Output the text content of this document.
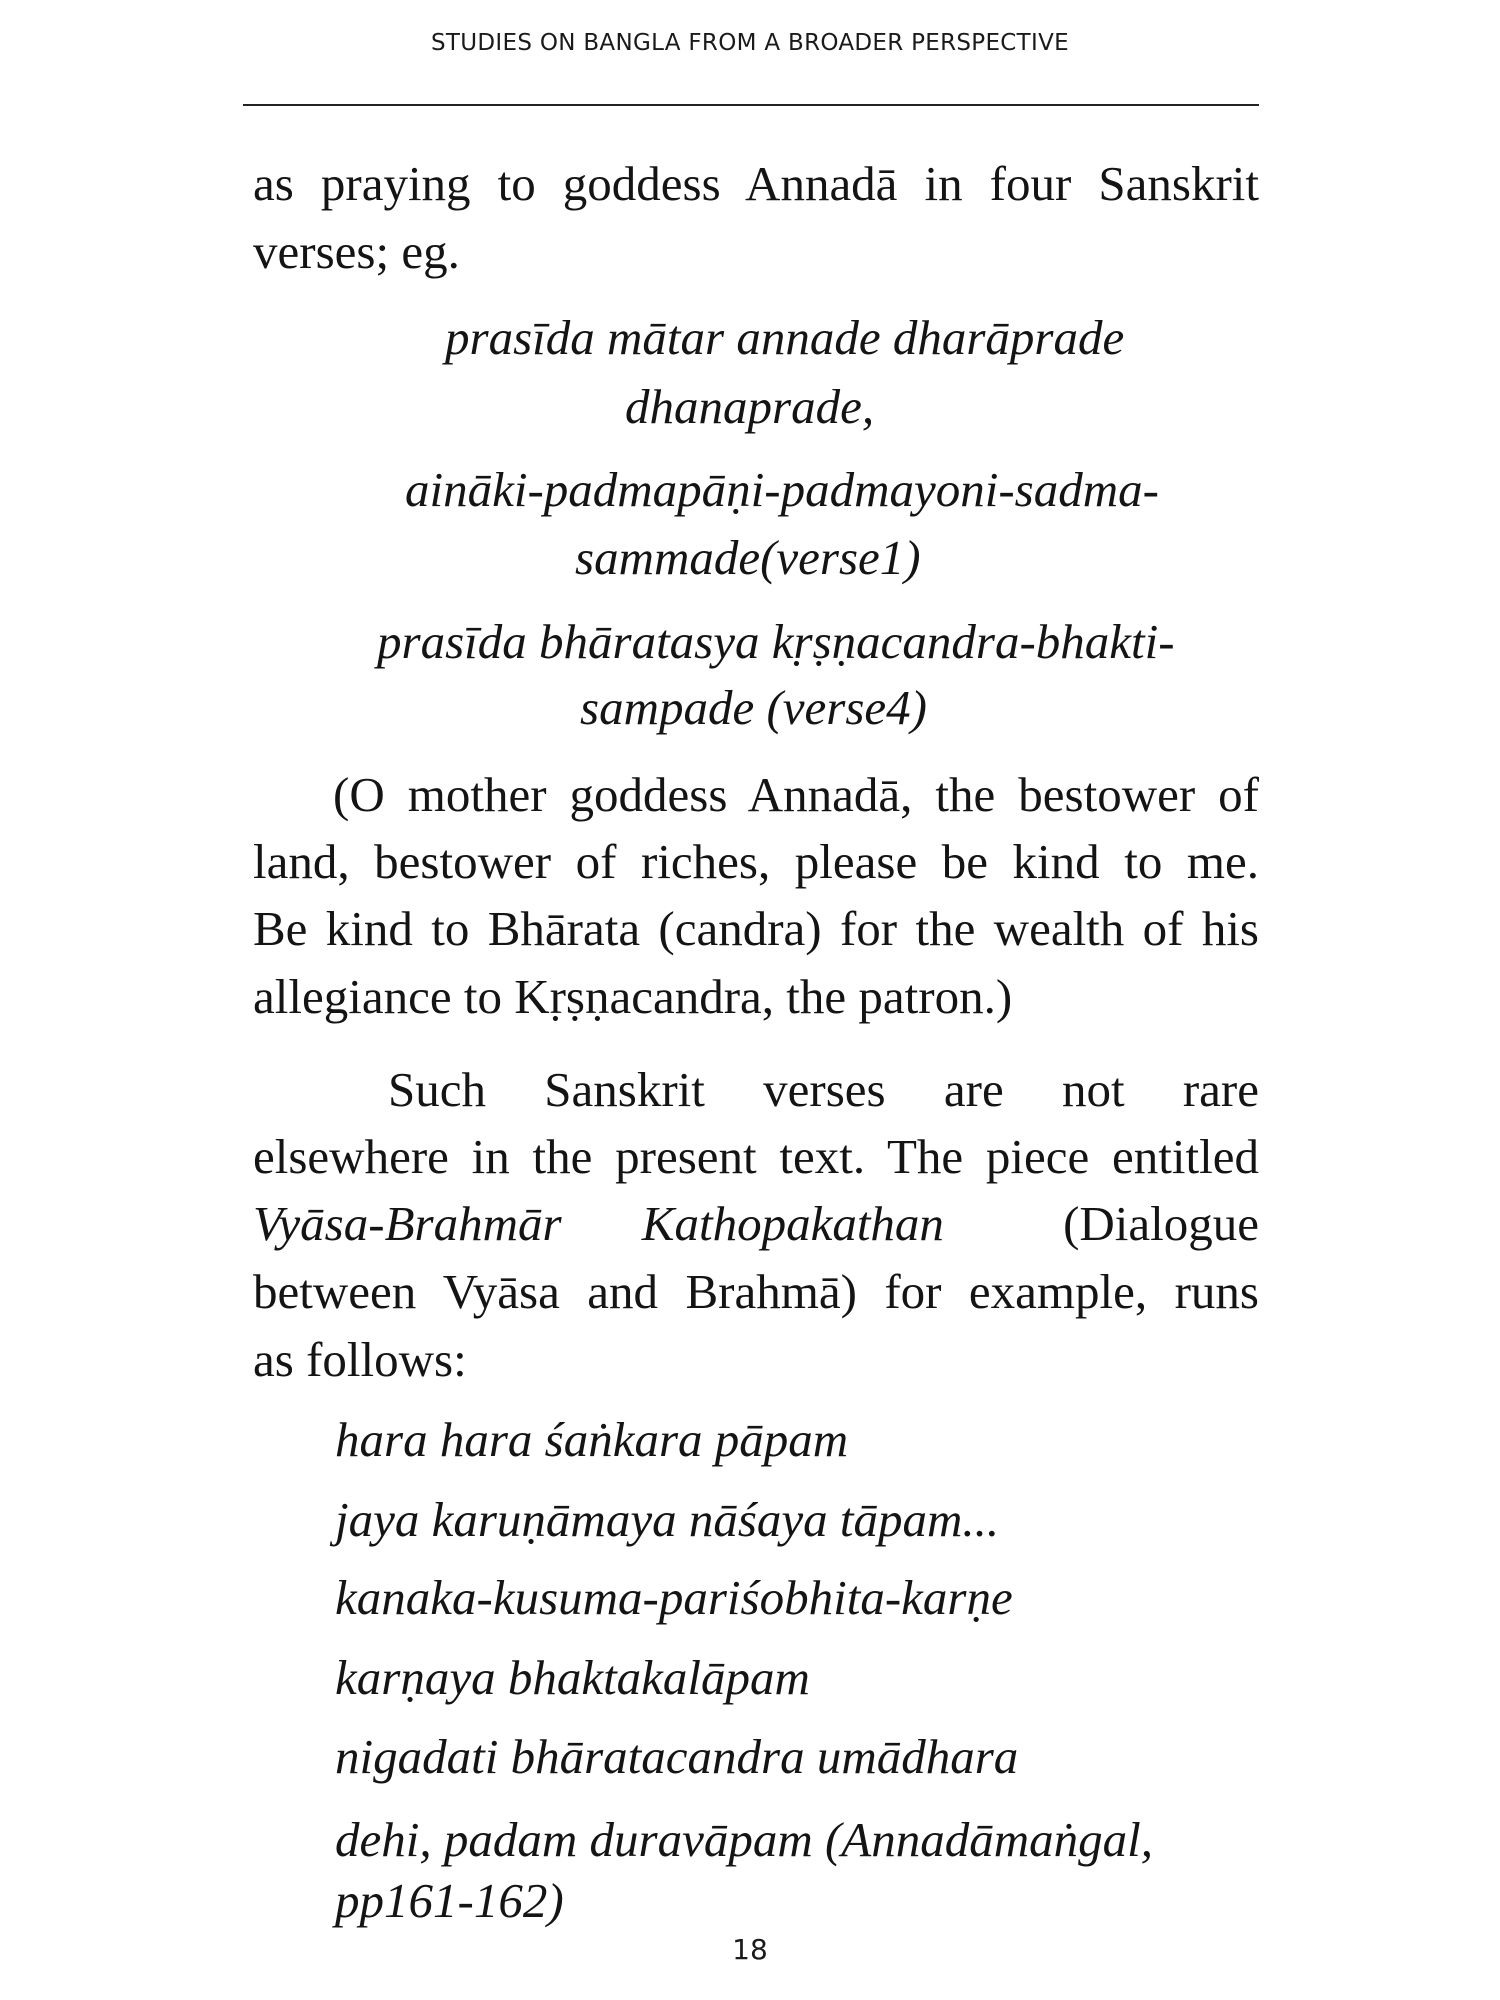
STUDIES ON BANGLA FROM A BROADER PERSPECTIVE
as praying to goddess Annadā in four Sanskrit
verses; eg.
prasīda mātar annade dharāprade
dhanaprade,
aināki-padmapāṇi-padmayoni-sadma-
sammade(verse1)
prasīda bhāratasya kṛṣṇacandra-bhakti-
sampade (verse4)
(O mother goddess Annadā, the bestower of
land, bestower of riches, please be kind to me.
Be kind to Bhārata (candra) for the wealth of his
allegiance to Kṛṣṇacandra, the patron.)
Such Sanskrit verses are not rare
elsewhere in the present text. The piece entitled
Vyāsa-Brahmār Kathopakathan (Dialogue
between Vyāsa and Brahmā) for example, runs
as follows:
hara hara śaṅkara pāpam
jaya karuṇāmaya nāśaya tāpam...
kanaka-kusuma-pariśobhita-karṇe
karṇaya bhaktakalāpam
nigadati bhāratacandra umādhara
dehi, padam duravāpam (Annadāmaṅgal,
pp161-162)
18
